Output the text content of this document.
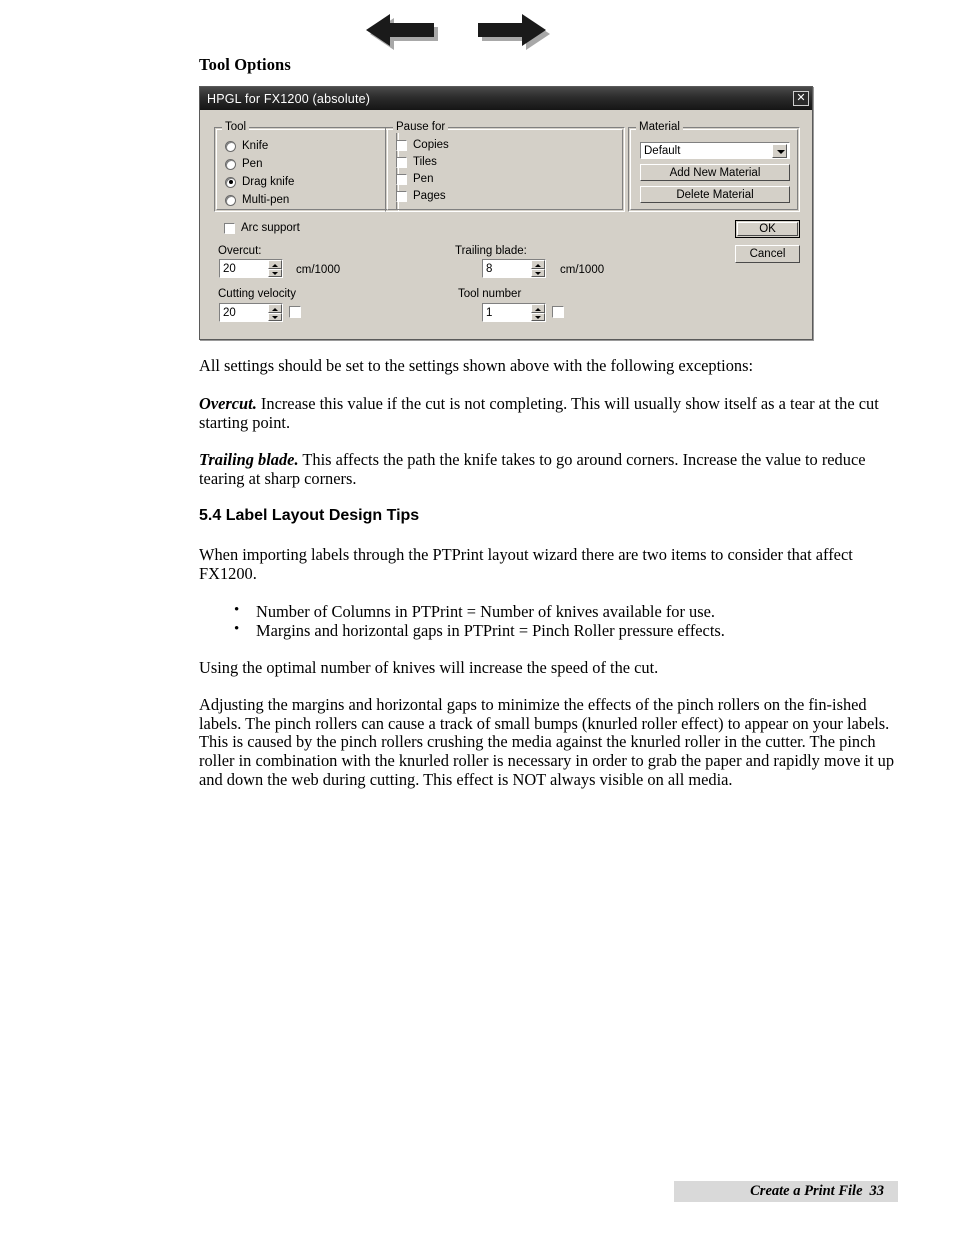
Tool Options
HPGL for FX1200 (absolute)	✕
Tool
Knife
Pen
Drag knife
Multi-pen
Pause for
Copies
Tiles
Pen
Pages
Material
Default
Add New Material
Delete Material
OK
Cancel
Arc support
Overcut:
20	cm/1000
Cutting velocity
20
Trailing blade:
8	cm/1000
Tool number
1

All settings should be set to the settings shown above with the following exceptions:

Overcut. Increase this value if the cut is not completing. This will usually show itself as a tear at the cut starting point.

Trailing blade. This affects the path the knife takes to go around corners. Increase the value to reduce tearing at sharp corners.

5.4 Label Layout Design Tips

When importing labels through the PTPrint layout wizard there are two items to consider that affect FX1200.

• Number of Columns in PTPrint = Number of knives available for use.
• Margins and horizontal gaps in PTPrint = Pinch Roller pressure effects.

Using the optimal number of knives will increase the speed of the cut.

Adjusting the margins and horizontal gaps to minimize the effects of the pinch rollers on the fin-ished labels. The pinch rollers can cause a track of small bumps (knurled roller effect) to appear on your labels. This is caused by the pinch rollers crushing the media against the knurled roller in the cutter. The pinch roller in combination with the knurled roller is necessary in order to grab the paper and rapidly move it up and down the web during cutting. This effect is NOT always visible on all media.

Create a Print File 33
